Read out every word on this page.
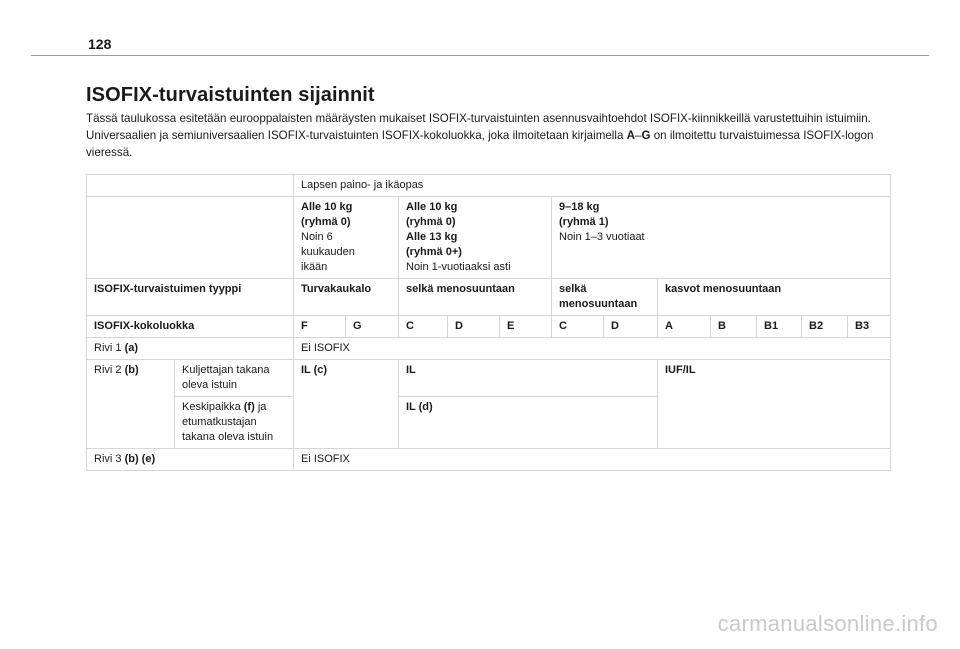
128
ISOFIX-turvaistuinten sijainnit
Tässä taulukossa esitetään eurooppalaisten määräysten mukaiset ISOFIX-turvaistuinten asennusvaihtoehdot ISOFIX-kiinnikkeillä varustettuihin istuimiin. Universaalien ja semiuniversaalien ISOFIX-turvaistuinten ISOFIX-kokoluokka, joka ilmoitetaan kirjaimella A–G on ilmoitettu turvaistuimessa ISOFIX-logon vieressä.
		Lapsen paino- ja ikäopas											
		Alle 10 kg
(ryhmä 0)
Noin 6
kuukauden
ikään		Alle 10 kg
(ryhmä 0)
Alle 13 kg
(ryhmä 0+)
Noin 1-vuotiaaksi asti			9–18 kg
(ryhmä 1)
Noin 1–3 vuotiaat						
ISOFIX-turvaistuimen tyyppi		Turvakaukalo		selkä menosuuntaan			selkä menosuuntaan		kasvot menosuuntaan				
ISOFIX-kokoluokka		F	G	C	D	E	C	D	A	B	B1	B2	B3
Rivi 1 (a)		Ei ISOFIX											
Rivi 2 (b)	Kuljettajan takana oleva istuin	IL (c)		IL					IUF/IL				
	Keskipaikka (f) ja etumatkustajan takana oleva istuin			IL (d)									
Rivi 3 (b) (e)		Ei ISOFIX											
carmanualsonline.info
